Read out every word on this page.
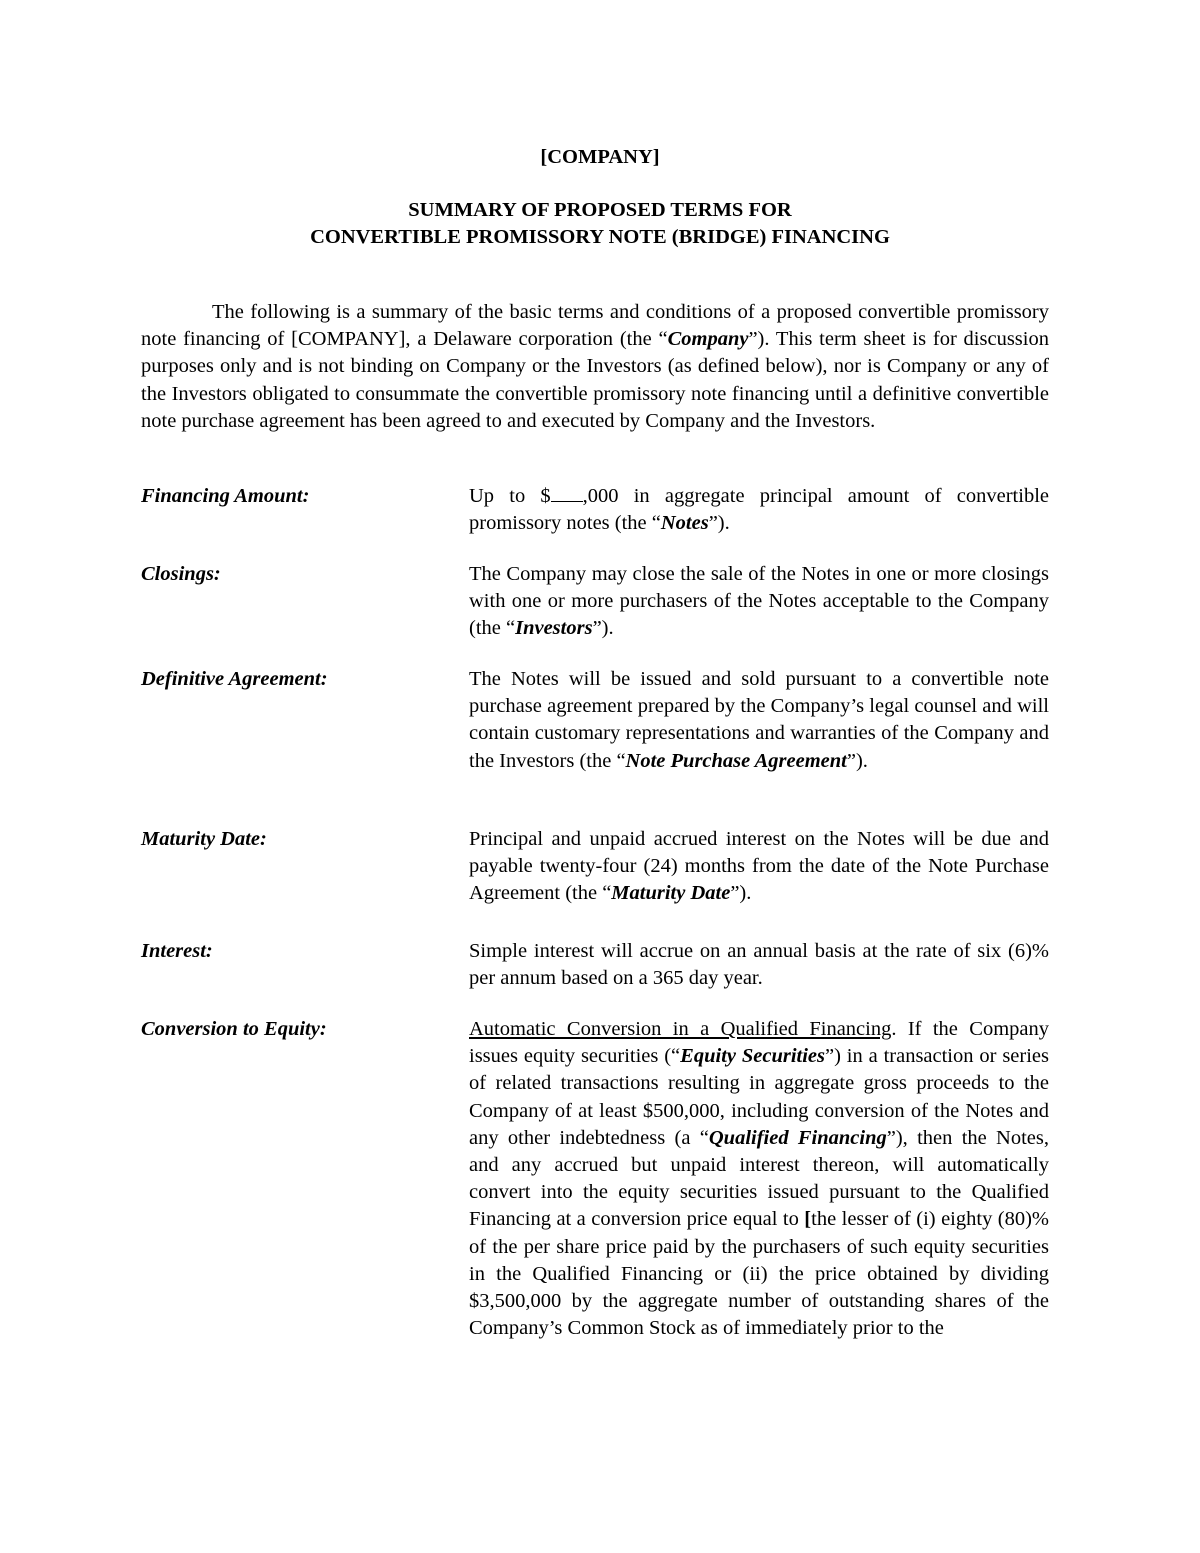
[COMPANY]

SUMMARY OF PROPOSED TERMS FOR
CONVERTIBLE PROMISSORY NOTE (BRIDGE) FINANCING

The following is a summary of the basic terms and conditions of a proposed convertible promissory note financing of [COMPANY], a Delaware corporation (the “Company”). This term sheet is for discussion purposes only and is not binding on Company or the Investors (as defined below), nor is Company or any of the Investors obligated to consummate the convertible promissory note financing until a definitive convertible note purchase agreement has been agreed to and executed by Company and the Investors.

Financing Amount:	Up to $ ,000 in aggregate principal amount of convertible promissory notes (the “Notes”).

Closings:	The Company may close the sale of the Notes in one or more closings with one or more purchasers of the Notes acceptable to the Company (the “Investors”).

Definitive Agreement:	The Notes will be issued and sold pursuant to a convertible note purchase agreement prepared by the Company’s legal counsel and will contain customary representations and warranties of the Company and the Investors (the “Note Purchase Agreement”).

Maturity Date:	Principal and unpaid accrued interest on the Notes will be due and payable twenty-four (24) months from the date of the Note Purchase Agreement (the “Maturity Date”).

Interest:	Simple interest will accrue on an annual basis at the rate of six (6)% per annum based on a 365 day year.

Conversion to Equity:	Automatic Conversion in a Qualified Financing. If the Company issues equity securities (“Equity Securities”) in a transaction or series of related transactions resulting in aggregate gross proceeds to the Company of at least $500,000, including conversion of the Notes and any other indebtedness (a “Qualified Financing”), then the Notes, and any accrued but unpaid interest thereon, will automatically convert into the equity securities issued pursuant to the Qualified Financing at a conversion price equal to [the lesser of (i) eighty (80)% of the per share price paid by the purchasers of such equity securities in the Qualified Financing or (ii) the price obtained by dividing $3,500,000 by the aggregate number of outstanding shares of the Company’s Common Stock as of immediately prior to the
